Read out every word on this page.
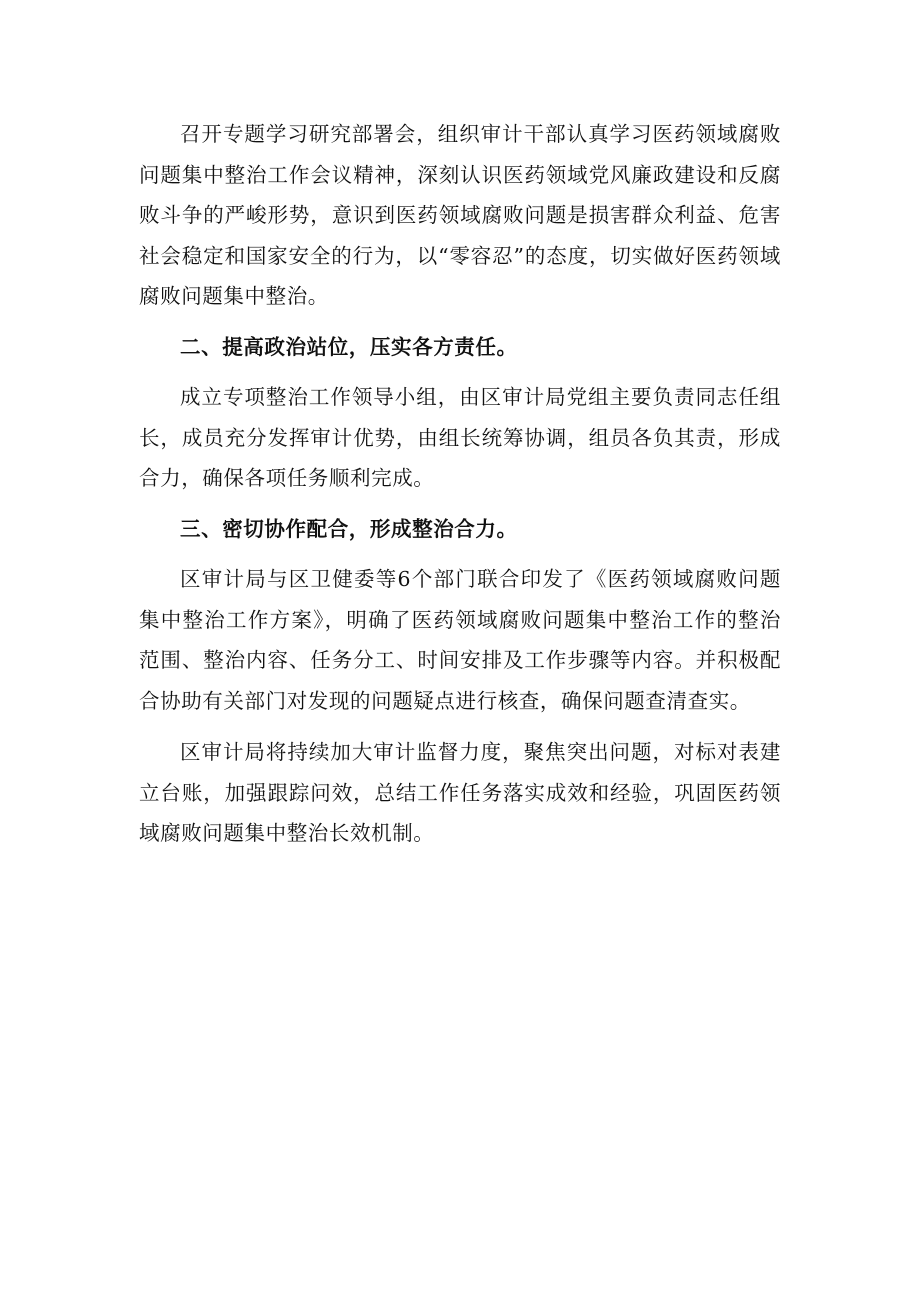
召开专题学习研究部署会，组织审计干部认真学习医药领域腐败问题集中整治工作会议精神，深刻认识医药领域党风廉政建设和反腐败斗争的严峻形势，意识到医药领域腐败问题是损害群众利益、危害社会稳定和国家安全的行为，以“零容忍”的态度，切实做好医药领域腐败问题集中整治。

二、提高政治站位，压实各方责任。

成立专项整治工作领导小组，由区审计局党组主要负责同志任组长，成员充分发挥审计优势，由组长统筹协调，组员各负其责，形成合力，确保各项任务顺利完成。

三、密切协作配合，形成整治合力。

区审计局与区卫健委等6个部门联合印发了《医药领域腐败问题集中整治工作方案》，明确了医药领域腐败问题集中整治工作的整治范围、整治内容、任务分工、时间安排及工作步骤等内容。并积极配合协助有关部门对发现的问题疑点进行核查，确保问题查清查实。

区审计局将持续加大审计监督力度，聚焦突出问题，对标对表建立台账，加强跟踪问效，总结工作任务落实成效和经验，巩固医药领域腐败问题集中整治长效机制。
